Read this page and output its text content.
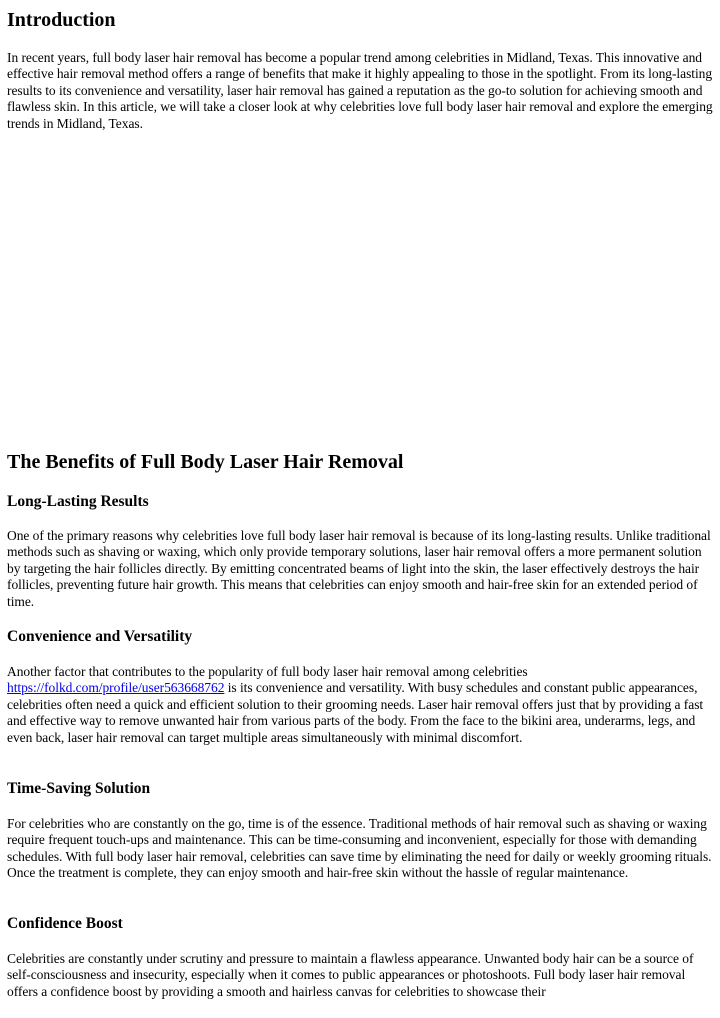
Introduction

In recent years, full body laser hair removal has become a popular trend among celebrities in Midland, Texas. This innovative and effective hair removal method offers a range of benefits that make it highly appealing to those in the spotlight. From its long-lasting results to its convenience and versatility, laser hair removal has gained a reputation as the go-to solution for achieving smooth and flawless skin. In this article, we will take a closer look at why celebrities love full body laser hair removal and explore the emerging trends in Midland, Texas.

The Benefits of Full Body Laser Hair Removal
Long-Lasting Results

One of the primary reasons why celebrities love full body laser hair removal is because of its long-lasting results. Unlike traditional methods such as shaving or waxing, which only provide temporary solutions, laser hair removal offers a more permanent solution by targeting the hair follicles directly. By emitting concentrated beams of light into the skin, the laser effectively destroys the hair follicles, preventing future hair growth. This means that celebrities can enjoy smooth and hair-free skin for an extended period of time.

Convenience and Versatility

Another factor that contributes to the popularity of full body laser hair removal among celebrities https://folkd.com/profile/user563668762 is its convenience and versatility. With busy schedules and constant public appearances, celebrities often need a quick and efficient solution to their grooming needs. Laser hair removal offers just that by providing a fast and effective way to remove unwanted hair from various parts of the body. From the face to the bikini area, underarms, legs, and even back, laser hair removal can target multiple areas simultaneously with minimal discomfort.

Time-Saving Solution

For celebrities who are constantly on the go, time is of the essence. Traditional methods of hair removal such as shaving or waxing require frequent touch-ups and maintenance. This can be time-consuming and inconvenient, especially for those with demanding schedules. With full body laser hair removal, celebrities can save time by eliminating the need for daily or weekly grooming rituals. Once the treatment is complete, they can enjoy smooth and hair-free skin without the hassle of regular maintenance.

Confidence Boost

Celebrities are constantly under scrutiny and pressure to maintain a flawless appearance. Unwanted body hair can be a source of self-consciousness and insecurity, especially when it comes to public appearances or photoshoots. Full body laser hair removal offers a confidence boost by providing a smooth and hairless canvas for celebrities to showcase their
